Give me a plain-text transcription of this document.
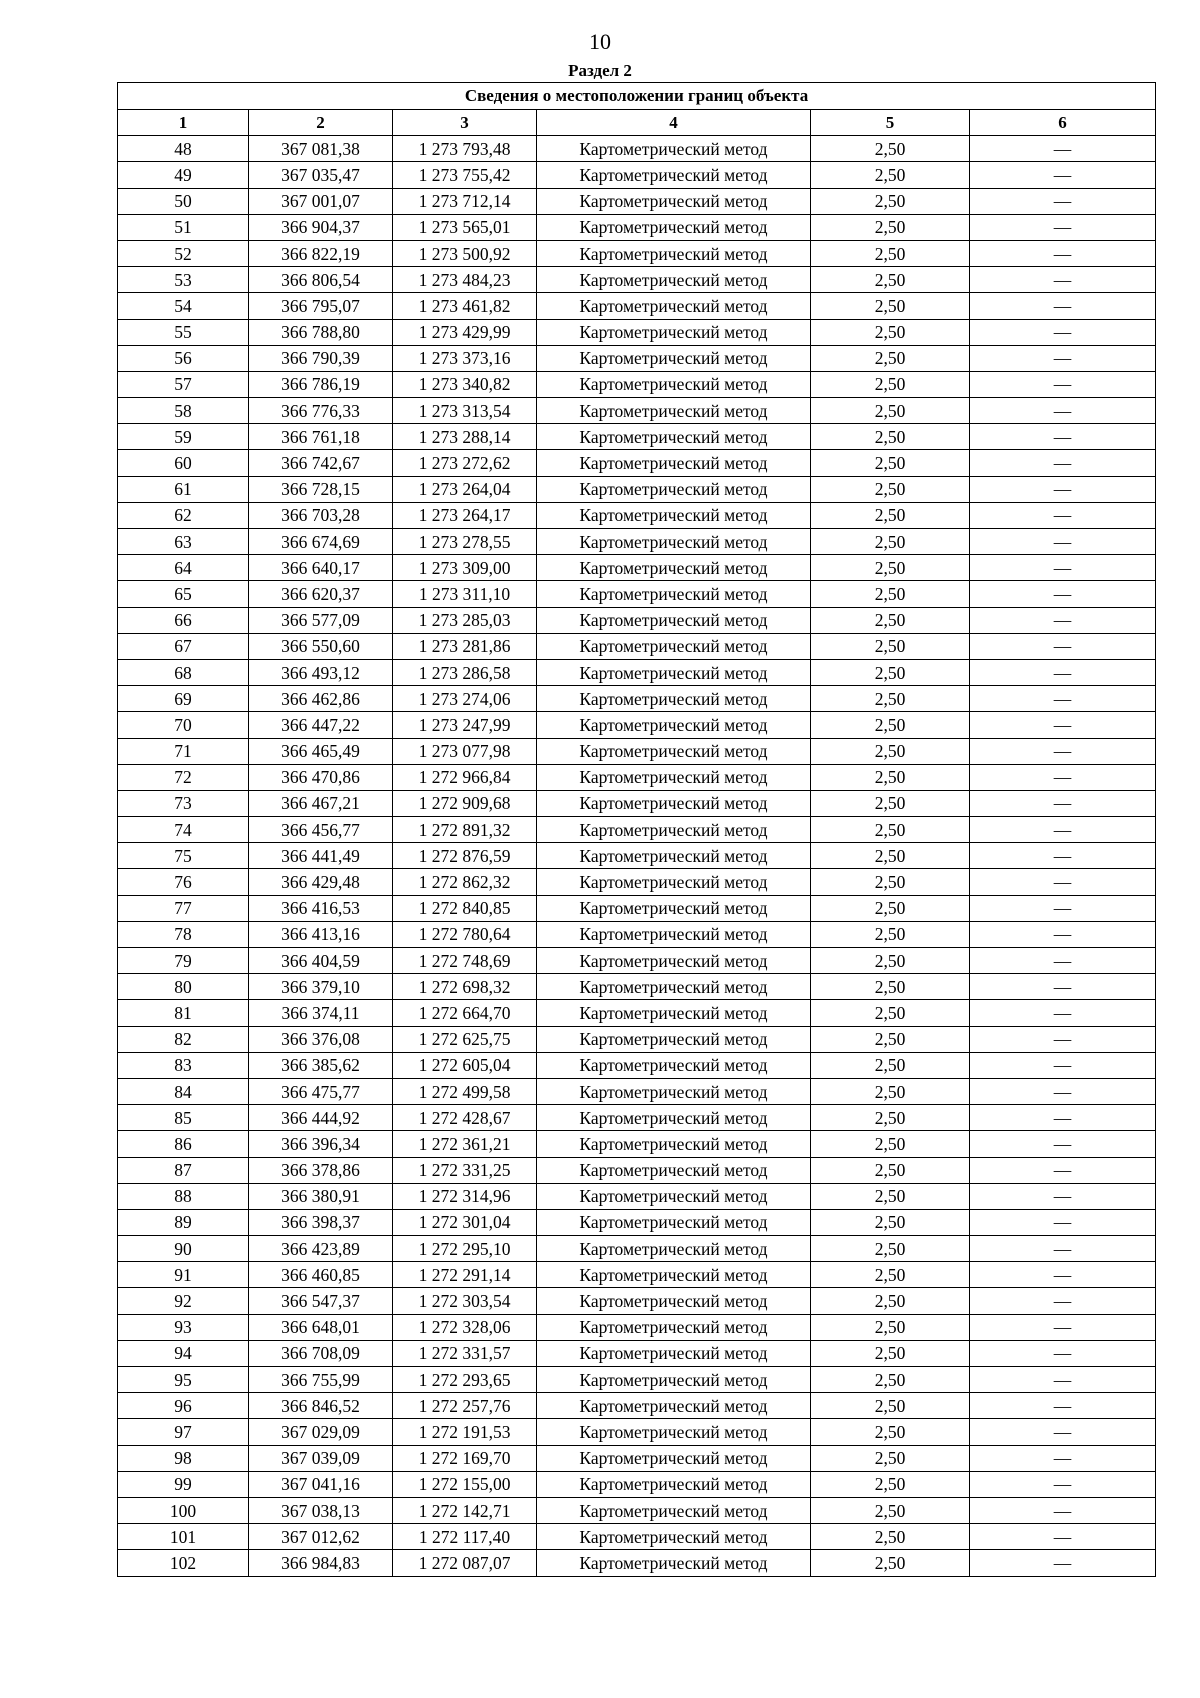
10
Раздел 2
Сведения о местоположении границ объекта					
1	2	3	4	5	6
48	367 081,38	1 273 793,48	Картометрический метод	2,50	—
49	367 035,47	1 273 755,42	Картометрический метод	2,50	—
50	367 001,07	1 273 712,14	Картометрический метод	2,50	—
51	366 904,37	1 273 565,01	Картометрический метод	2,50	—
52	366 822,19	1 273 500,92	Картометрический метод	2,50	—
53	366 806,54	1 273 484,23	Картометрический метод	2,50	—
54	366 795,07	1 273 461,82	Картометрический метод	2,50	—
55	366 788,80	1 273 429,99	Картометрический метод	2,50	—
56	366 790,39	1 273 373,16	Картометрический метод	2,50	—
57	366 786,19	1 273 340,82	Картометрический метод	2,50	—
58	366 776,33	1 273 313,54	Картометрический метод	2,50	—
59	366 761,18	1 273 288,14	Картометрический метод	2,50	—
60	366 742,67	1 273 272,62	Картометрический метод	2,50	—
61	366 728,15	1 273 264,04	Картометрический метод	2,50	—
62	366 703,28	1 273 264,17	Картометрический метод	2,50	—
63	366 674,69	1 273 278,55	Картометрический метод	2,50	—
64	366 640,17	1 273 309,00	Картометрический метод	2,50	—
65	366 620,37	1 273 311,10	Картометрический метод	2,50	—
66	366 577,09	1 273 285,03	Картометрический метод	2,50	—
67	366 550,60	1 273 281,86	Картометрический метод	2,50	—
68	366 493,12	1 273 286,58	Картометрический метод	2,50	—
69	366 462,86	1 273 274,06	Картометрический метод	2,50	—
70	366 447,22	1 273 247,99	Картометрический метод	2,50	—
71	366 465,49	1 273 077,98	Картометрический метод	2,50	—
72	366 470,86	1 272 966,84	Картометрический метод	2,50	—
73	366 467,21	1 272 909,68	Картометрический метод	2,50	—
74	366 456,77	1 272 891,32	Картометрический метод	2,50	—
75	366 441,49	1 272 876,59	Картометрический метод	2,50	—
76	366 429,48	1 272 862,32	Картометрический метод	2,50	—
77	366 416,53	1 272 840,85	Картометрический метод	2,50	—
78	366 413,16	1 272 780,64	Картометрический метод	2,50	—
79	366 404,59	1 272 748,69	Картометрический метод	2,50	—
80	366 379,10	1 272 698,32	Картометрический метод	2,50	—
81	366 374,11	1 272 664,70	Картометрический метод	2,50	—
82	366 376,08	1 272 625,75	Картометрический метод	2,50	—
83	366 385,62	1 272 605,04	Картометрический метод	2,50	—
84	366 475,77	1 272 499,58	Картометрический метод	2,50	—
85	366 444,92	1 272 428,67	Картометрический метод	2,50	—
86	366 396,34	1 272 361,21	Картометрический метод	2,50	—
87	366 378,86	1 272 331,25	Картометрический метод	2,50	—
88	366 380,91	1 272 314,96	Картометрический метод	2,50	—
89	366 398,37	1 272 301,04	Картометрический метод	2,50	—
90	366 423,89	1 272 295,10	Картометрический метод	2,50	—
91	366 460,85	1 272 291,14	Картометрический метод	2,50	—
92	366 547,37	1 272 303,54	Картометрический метод	2,50	—
93	366 648,01	1 272 328,06	Картометрический метод	2,50	—
94	366 708,09	1 272 331,57	Картометрический метод	2,50	—
95	366 755,99	1 272 293,65	Картометрический метод	2,50	—
96	366 846,52	1 272 257,76	Картометрический метод	2,50	—
97	367 029,09	1 272 191,53	Картометрический метод	2,50	—
98	367 039,09	1 272 169,70	Картометрический метод	2,50	—
99	367 041,16	1 272 155,00	Картометрический метод	2,50	—
100	367 038,13	1 272 142,71	Картометрический метод	2,50	—
101	367 012,62	1 272 117,40	Картометрический метод	2,50	—
102	366 984,83	1 272 087,07	Картометрический метод	2,50	—
